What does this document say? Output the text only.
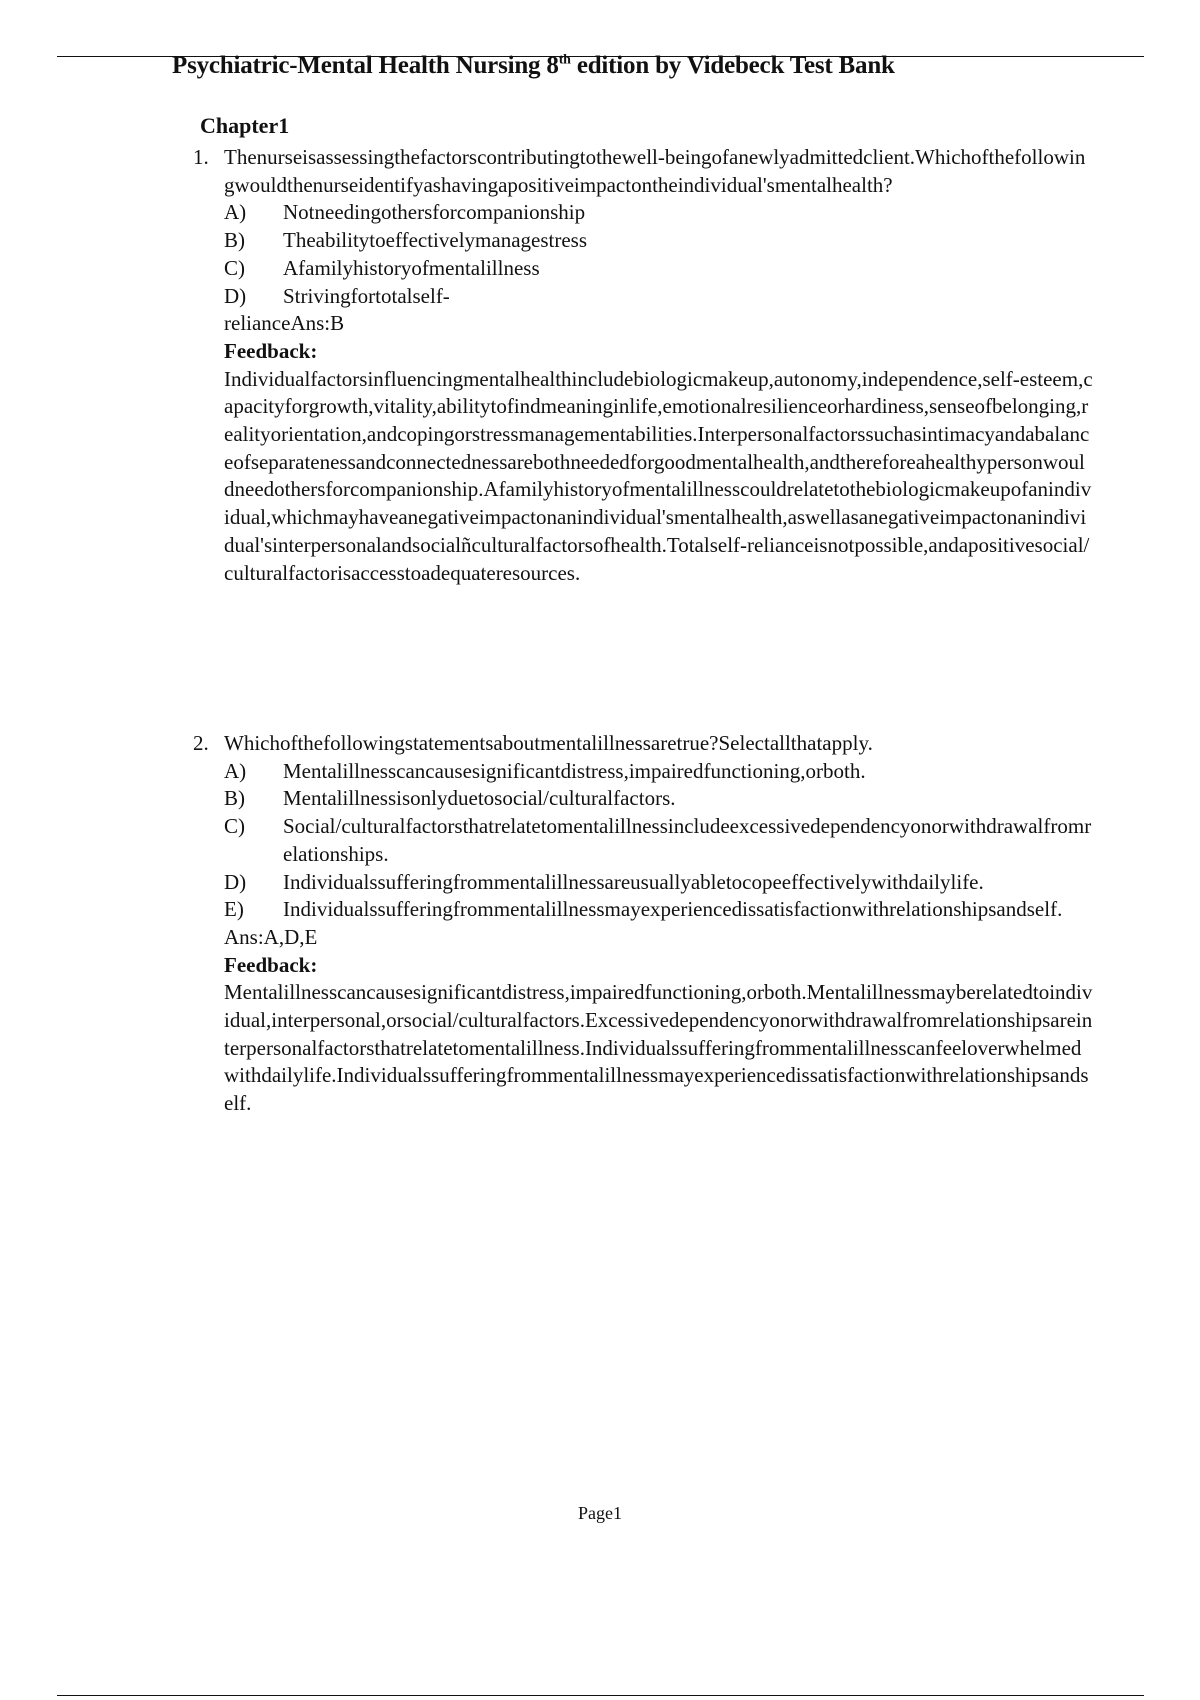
Psychiatric-Mental Health Nursing 8th edition by Videbeck Test Bank
Chapter1
1. Thenurseisassessingthefactorscontributingtothewell-beingofanewlyadmittedclient.Whichofthefollowingwouldthenurseidentifyashavingapositiveimpactontheindividual'smentalhealth?
A) Notneedingothersforcompanionship
B) Theabilitytoeffectivelymanagestress
C) Afamilyhistoryofmentalillness
D) Strivingfortotalself-
relianceAns:B
Feedback:
Individualfactorsinfluencingmentalhealthincludebiologicmakeup,autonomy,independence,self-esteem,capacityforgrowth,vitality,abilitytofindmeaninginlife,emotionalresilienceorhardiness,senseofbelonging,realityorientation,andcopingorstressmanagementabilities.Interpersonalfactorssuchasintimacyandabalanceofseparatenessandconnectednessarebothneededforgoodmentalhealth,andthereforeahealthypersonwouldneedothersforcompanionship.Afamilyhistoryofmentalillnesscouldrelatetothebiologicmakeupofanindividual,whichmayhaveanegativeimpactonanindividual'smentalhealth,aswellasanegativeimpactonanindividual'sinterpersonalandsocialñculturalfactorsofhealth.Totalself-relianceisnotpossible,andapositivesocial/culturalfactorisaccesstoadequateresources.
2. Whichofthefollowingstatementsaboutmentalillnessaretrue?Selectallthatapply.
A) Mentalillnesscancausesignificantdistress,impairedfunctioning,orboth.
B) Mentalillnessisonlyduetosocial/culturalfactors.
C) Social/culturalfactorsthatrelatetomentalillnessincludeexcessivedependencyonorwithdrawalfromrelationships.
D) Individualssufferingfrommentalillnessareusuallyabletocopeeffectivelywithdailylife.
E) Individualssufferingfrommentalillnessmayexperiencedissatisfactionwithrelationshipsandself.
Ans:A,D,E
Feedback:
Mentalillnesscancausesignificantdistress,impairedfunctioning,orboth.Mentalillnessmayberelatedtoindividual,interpersonal,orsocial/culturalfactors.Excessivedependencyonorwithdrawalfromrelationshipsareinterpersonalfactorsthatrelatetomentalillness.Individualssufferingfrommentalillnesscanfeeloverwhelmedwithdailylife.Individualssufferingfrommentalillnessmayexperiencedissatisfactionwithrelationshipsandself.
Page1
